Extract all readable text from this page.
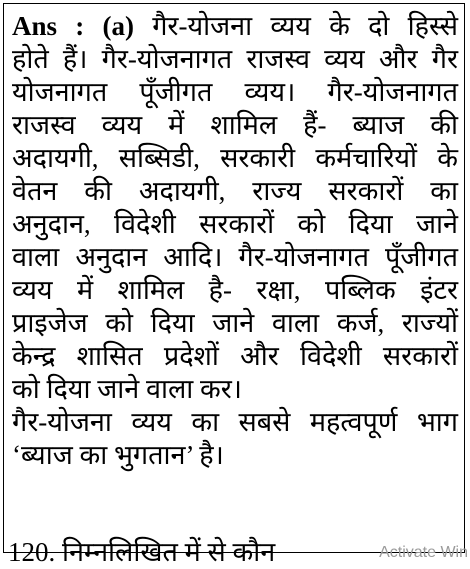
Ans : (a) गैर-योजना व्यय के दो हिस्से
होते हैं। गैर-योजनागत राजस्व व्यय और गैर
योजनागत पूँजीगत व्यय। गैर-योजनागत
राजस्व व्यय में शामिल हैं- ब्याज की
अदायगी, सब्सिडी, सरकारी कर्मचारियों के
वेतन की अदायगी, राज्य सरकारों का
अनुदान, विदेशी सरकारों को दिया जाने
वाला अनुदान आदि। गैर-योजनागत पूँजीगत
व्यय में शामिल है- रक्षा, पब्लिक इंटर
प्राइजेज को दिया जाने वाला कर्ज, राज्यों
केन्द्र शासित प्रदेशों और विदेशी सरकारों
को दिया जाने वाला कर।
गैर-योजना व्यय का सबसे महत्वपूर्ण भाग
‘ब्याज का भुगतान’ है।
120. निम्नलिखित में से कौन	Activate Win
